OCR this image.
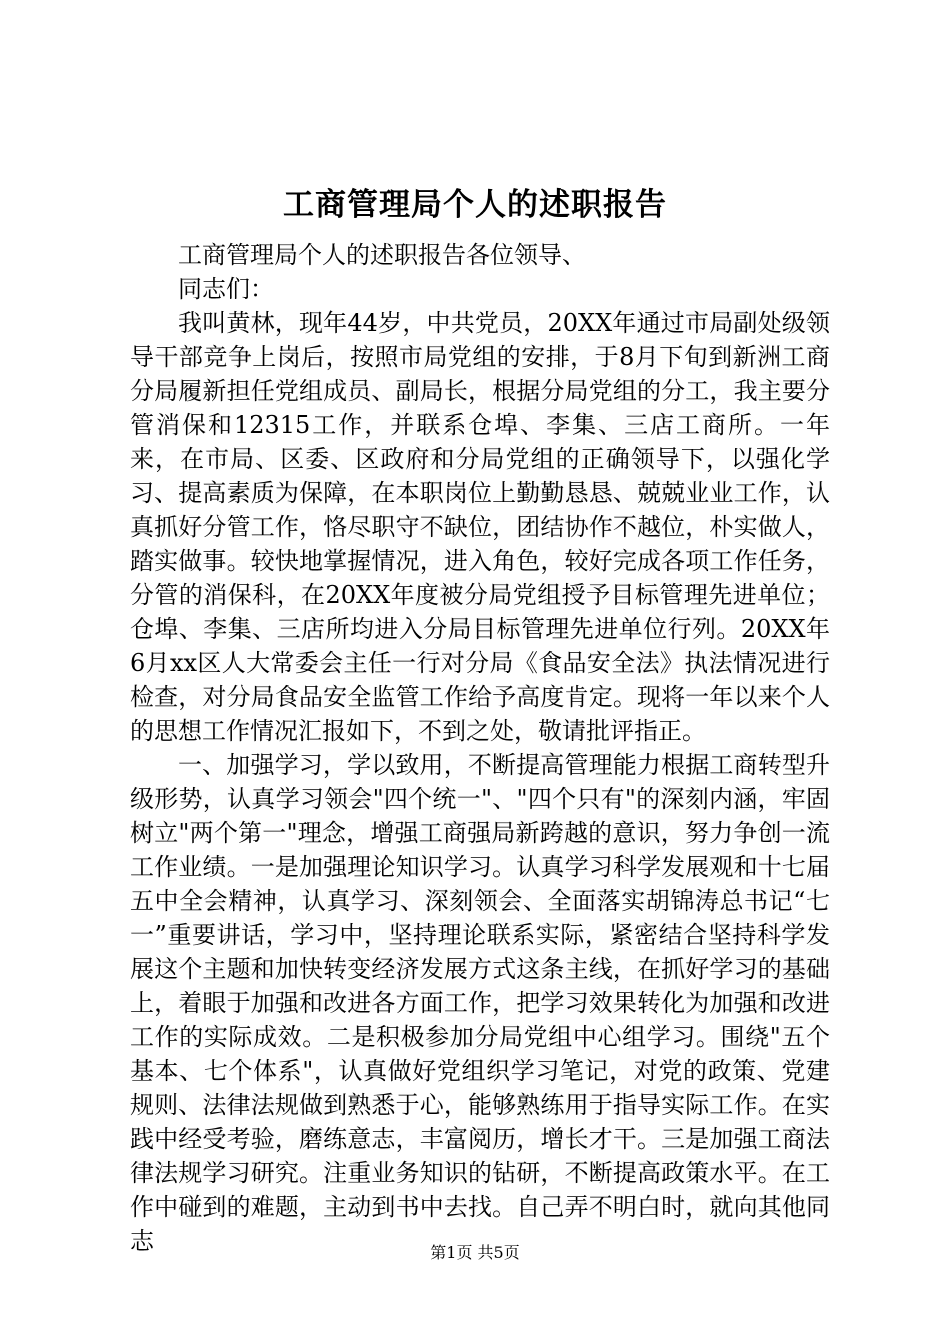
工商管理局个人的述职报告

工商管理局个人的述职报告各位领导、

同志们：

我叫黄林，现年44岁，中共党员，20XX年通过市局副处级领导干部竞争上岗后，按照市局党组的安排，于8月下旬到新洲工商分局履新担任党组成员、副局长，根据分局党组的分工，我主要分管消保和12315工作，并联系仓埠、李集、三店工商所。一年来，在市局、区委、区政府和分局党组的正确领导下，以强化学习、提高素质为保障，在本职岗位上勤勤恳恳、兢兢业业工作，认真抓好分管工作，恪尽职守不缺位，团结协作不越位，朴实做人，踏实做事。较快地掌握情况，进入角色，较好完成各项工作任务，分管的消保科，在20XX年度被分局党组授予目标管理先进单位；仓埠、李集、三店所均进入分局目标管理先进单位行列。20XX年6月xx区人大常委会主任一行对分局《食品安全法》执法情况进行检查，对分局食品安全监管工作给予高度肯定。现将一年以来个人的思想工作情况汇报如下，不到之处，敬请批评指正。

一、加强学习，学以致用，不断提高管理能力根据工商转型升级形势，认真学习领会"四个统一"、"四个只有"的深刻内涵，牢固树立"两个第一"理念，增强工商强局新跨越的意识，努力争创一流工作业绩。一是加强理论知识学习。认真学习科学发展观和十七届五中全会精神，认真学习、深刻领会、全面落实胡锦涛总书记“七一”重要讲话，学习中，坚持理论联系实际，紧密结合坚持科学发展这个主题和加快转变经济发展方式这条主线，在抓好学习的基础上，着眼于加强和改进各方面工作，把学习效果转化为加强和改进工作的实际成效。二是积极参加分局党组中心组学习。围绕"五个基本、七个体系"，认真做好党组织学习笔记，对党的政策、党建规则、法律法规做到熟悉于心，能够熟练用于指导实际工作。在实践中经受考验，磨练意志，丰富阅历，增长才干。三是加强工商法律法规学习研究。注重业务知识的钻研，不断提高政策水平。在工作中碰到的难题，主动到书中去找。自己弄不明白时，就向其他同志	第1页 共5页
